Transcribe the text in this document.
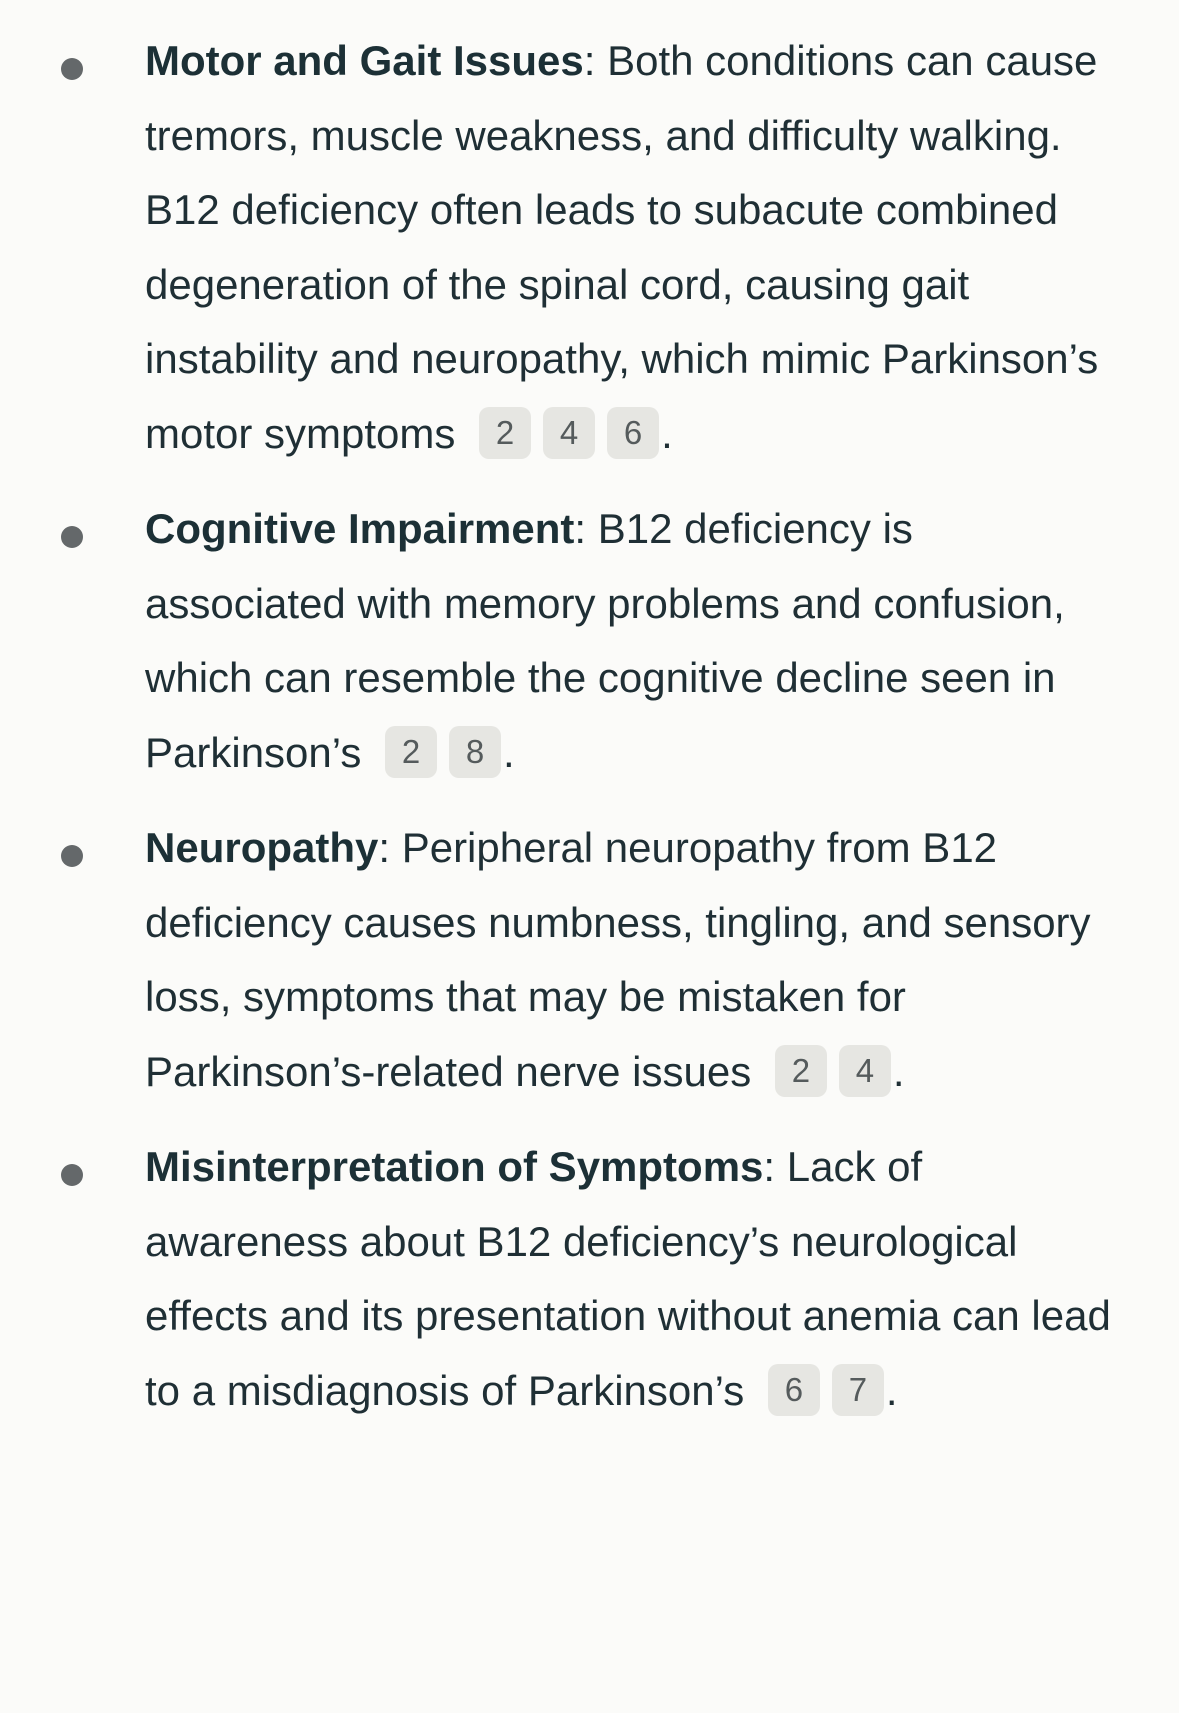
Motor and Gait Issues: Both conditions can cause tremors, muscle weakness, and difficulty walking. B12 deficiency often leads to subacute combined degeneration of the spinal cord, causing gait instability and neuropathy, which mimic Parkinson’s motor symptoms 2 4 6 .
Cognitive Impairment: B12 deficiency is associated with memory problems and confusion, which can resemble the cognitive decline seen in Parkinson’s 2 8 .
Neuropathy: Peripheral neuropathy from B12 deficiency causes numbness, tingling, and sensory loss, symptoms that may be mistaken for Parkinson’s-related nerve issues 2 4 .
Misinterpretation of Symptoms: Lack of awareness about B12 deficiency’s neurological effects and its presentation without anemia can lead to a misdiagnosis of Parkinson’s 6 7 .
